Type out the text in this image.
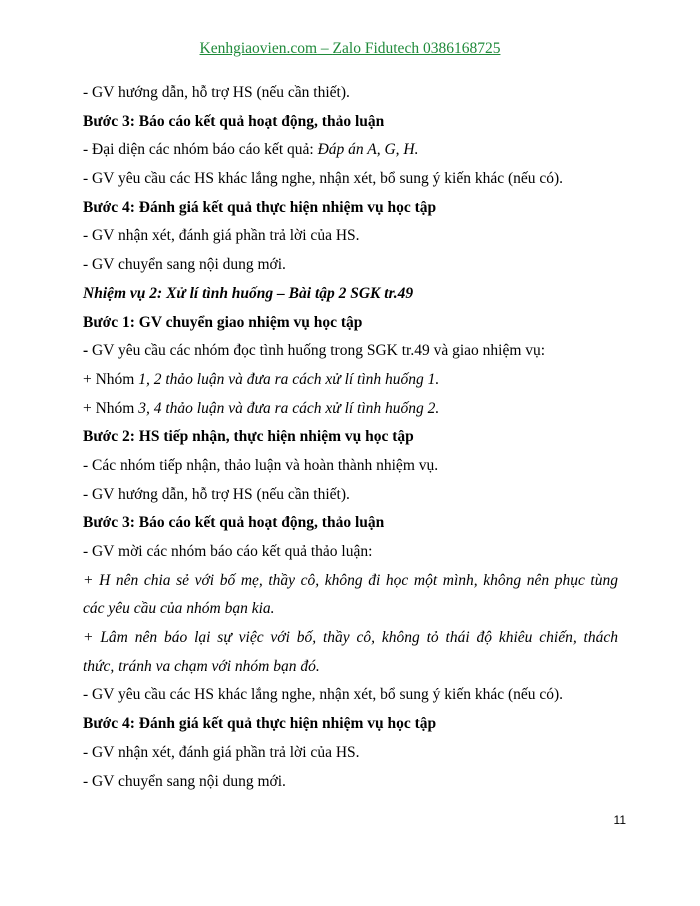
Kenhgiaovien.com – Zalo Fidutech 0386168725
- GV hướng dẫn, hỗ trợ HS (nếu cần thiết).
Bước 3: Báo cáo kết quả hoạt động, thảo luận
- Đại diện các nhóm báo cáo kết quả: Đáp án A, G, H.
- GV yêu cầu các HS khác lắng nghe, nhận xét, bổ sung ý kiến khác (nếu có).
Bước 4: Đánh giá kết quả thực hiện nhiệm vụ học tập
- GV nhận xét, đánh giá phần trả lời của HS.
- GV chuyển sang nội dung mới.
Nhiệm vụ 2: Xử lí tình huống – Bài tập 2 SGK tr.49
Bước 1: GV chuyển giao nhiệm vụ học tập
- GV yêu cầu các nhóm đọc tình huống trong SGK tr.49 và giao nhiệm vụ:
+ Nhóm 1, 2 thảo luận và đưa ra cách xử lí tình huống 1.
+ Nhóm 3, 4 thảo luận và đưa ra cách xử lí tình huống 2.
Bước 2: HS tiếp nhận, thực hiện nhiệm vụ học tập
- Các nhóm tiếp nhận, thảo luận và hoàn thành nhiệm vụ.
- GV hướng dẫn, hỗ trợ HS (nếu cần thiết).
Bước 3: Báo cáo kết quả hoạt động, thảo luận
- GV mời các nhóm báo cáo kết quả thảo luận:
+ H nên chia sẻ với bố mẹ, thầy cô, không đi học một mình, không nên phục tùng
các yêu cầu của nhóm bạn kia.
+ Lâm nên báo lại sự việc với bố, thầy cô, không tỏ thái độ khiêu chiến, thách
thức, tránh va chạm với nhóm bạn đó.
- GV yêu cầu các HS khác lắng nghe, nhận xét, bổ sung ý kiến khác (nếu có).
Bước 4: Đánh giá kết quả thực hiện nhiệm vụ học tập
- GV nhận xét, đánh giá phần trả lời của HS.
- GV chuyển sang nội dung mới.
11
